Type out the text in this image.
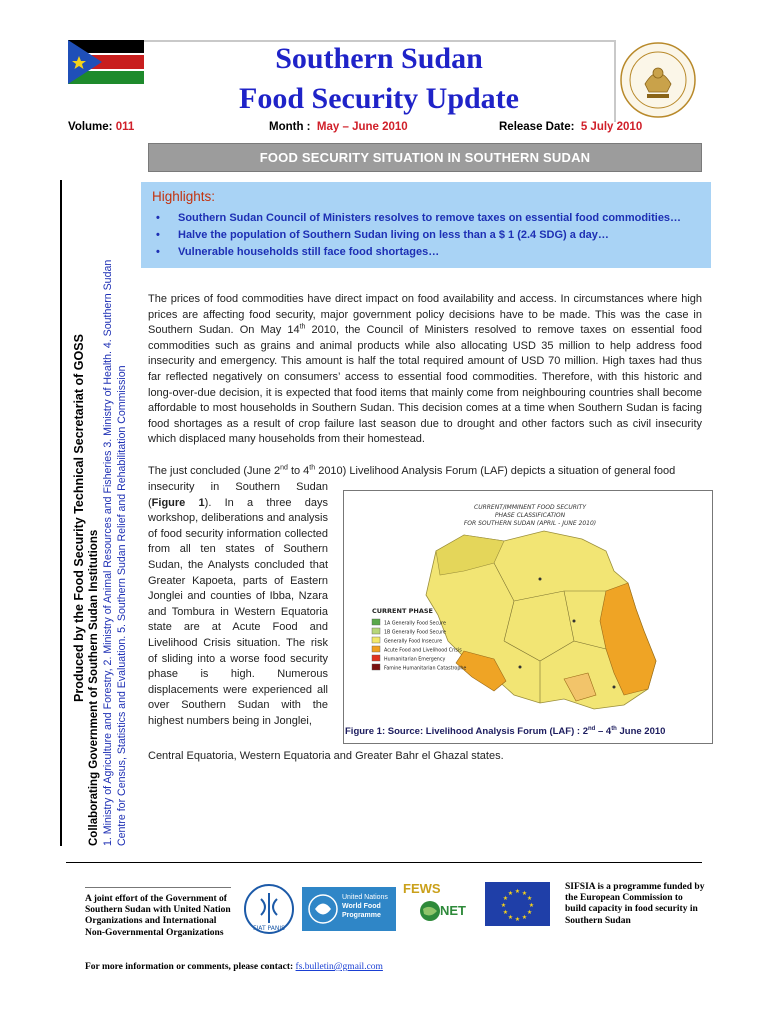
Southern Sudan
Food Security Update
Volume: 011	Month : May – June 2010	Release Date: 5 July 2010
FOOD SECURITY SITUATION IN SOUTHERN SUDAN
Produced by the Food Security Technical Secretariat of GOSS Collaborating Government of Southern Sudan Institutions 1. Ministry of Agriculture and Forestry, 2. Ministry of Animal Resources and Fisheries 3. Ministry of Health. 4. Southern Sudan Centre for Census, Statistics and Evaluation. 5. Southern Sudan Relief and Rehabilitation Commission
Highlights:
• Southern Sudan Council of Ministers resolves to remove taxes on essential food commodities…
• Halve the population of Southern Sudan living on less than a $ 1 (2.4 SDG) a day…
• Vulnerable households still face food shortages…
The prices of food commodities have direct impact on food availability and access. In circumstances where high prices are affecting food security, major government policy decisions have to be made. This was the case in Southern Sudan. On May 14th 2010, the Council of Ministers resolved to remove taxes on essential food commodities such as grains and animal products while also allocating USD 35 million to help address food insecurity and emergency. This amount is half the total required amount of USD 70 million. High taxes had thus far reflected negatively on consumers’ access to essential food commodities. Therefore, with this historic and long-over-due decision, it is expected that food items that mainly come from neighbouring countries shall become affordable to most households in Southern Sudan. This decision comes at a time when Southern Sudan is facing food shortages as a result of crop failure last season due to drought and other factors such as civil insecurity which displaced many households from their homestead.
The just concluded (June 2nd to 4th 2010) Livelihood Analysis Forum (LAF) depicts a situation of general food
insecurity in Southern Sudan (Figure 1). In a three days workshop, deliberations and analysis of food security information collected from all ten states of Southern Sudan, the Analysts concluded that Greater Kapoeta, parts of Eastern Jonglei and counties of Ibba, Nzara and Tombura in Western Equatoria state are at Acute Food and Livelihood Crisis situation. The risk of sliding into a worse food security phase is high. Numerous displacements were experienced all over Southern Sudan with the highest numbers being in Jonglei,
Central Equatoria, Western Equatoria and Greater Bahr el Ghazal states.
CURRENT/IMMINENT FOOD SECURITY
PHASE CLASSIFICATION
FOR SOUTHERN SUDAN (APRIL - JUNE 2010)
CURRENT PHASE
1A Generally Food Secure
1B Generally Food Secure
Generally Food Insecure
Acute Food and Livelihood Crisis
Humanitarian Emergency
Famine Humanitarian Catastrophe
Figure 1: Source: Livelihood Analysis Forum (LAF) : 2nd – 4th June 2010
A joint effort of the Government of Southern Sudan with United Nation Organizations and International Non-Governmental Organizations	FIAT PANIS
United Nations
World Food
Programme
FEWS
NET	★
★
★
★
★
★
★
★
★ ★ ★
★
SIFSIA is a programme funded by the European Commission to build capacity in food security in Southern Sudan
For more information or comments, please contact: fs.bulletin@gmail.com
